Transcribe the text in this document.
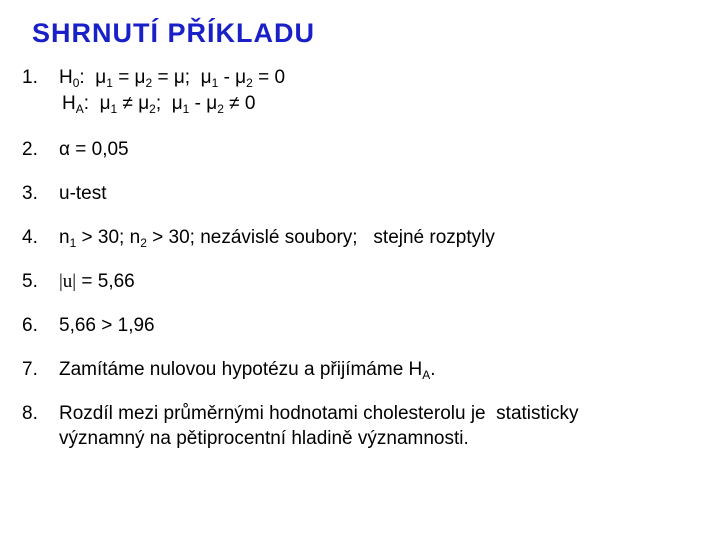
SHRNUTÍ PŘÍKLADU
1.	$H_0$: $\mu_1 = \mu_2 = \mu$; $\mu_1 - \mu_2 = 0$
$H_A$: $\mu_1 \ne \mu_2$; $\mu_1 - \mu_2 \ne 0$
2.	α = 0,05
3.	u-test
4.	$n_1 > 30$; $n_2 > 30$; nezávislé soubory;   stejné rozptyly
5.	|u| = 5,66
6.	5,66 > 1,96
7.	Zamítáme nulovou hypotézu a přijímáme $H_A$.
8.	Rozdíl mezi průměrnými hodnotami cholesterolu je  statisticky
významný na pětiprocentní hladině významnosti.
